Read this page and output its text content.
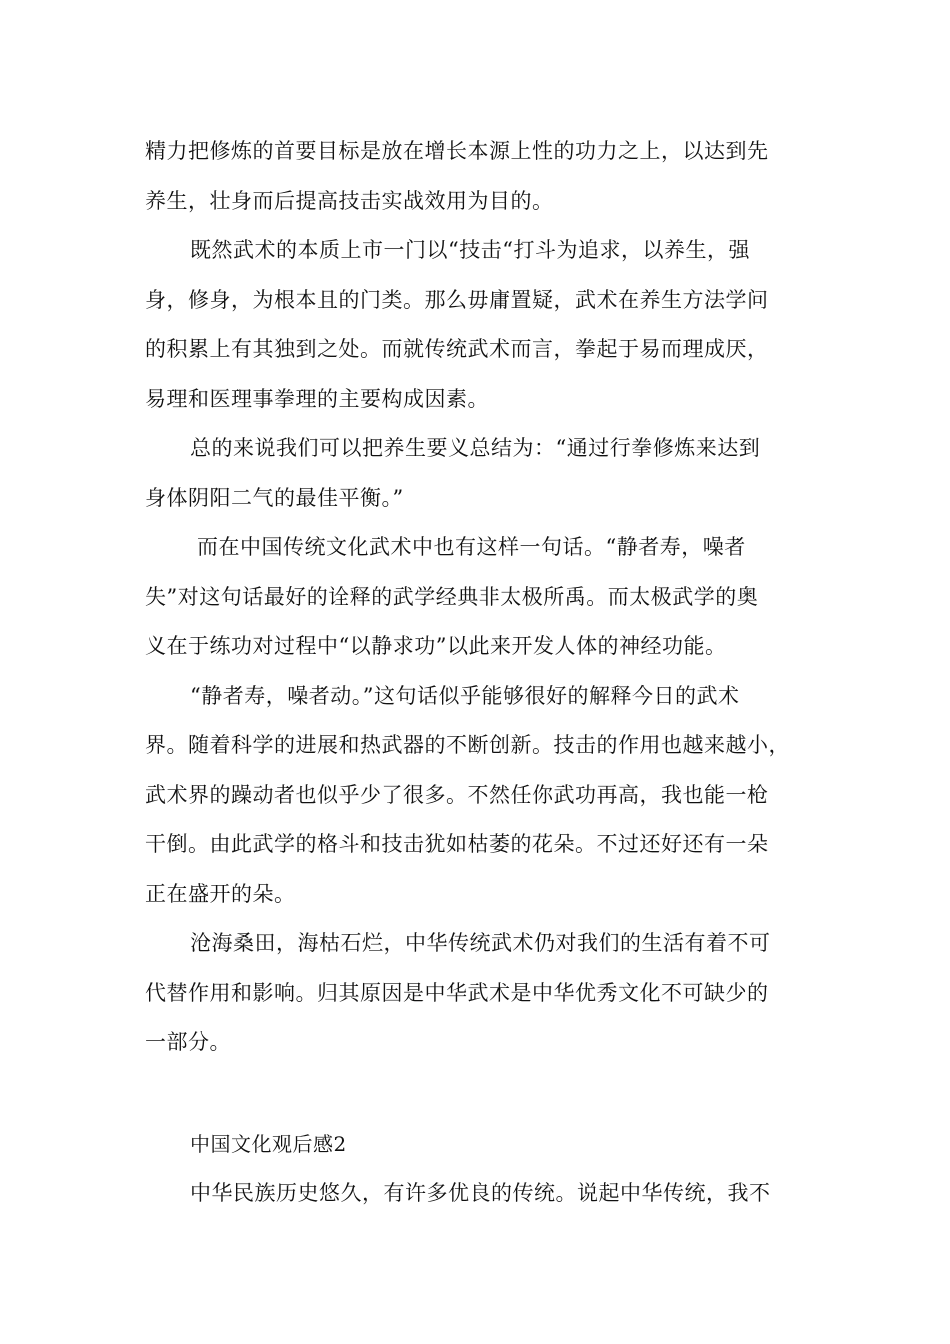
精力把修炼的首要目标是放在增长本源上性的功力之上，以达到先
养生，壮身而后提高技击实战效用为目的。
既然武术的本质上市一门以“技击“打斗为追求，以养生，强
身，修身，为根本且的门类。那么毋庸置疑，武术在养生方法学问
的积累上有其独到之处。而就传统武术而言，拳起于易而理成厌，
易理和医理事拳理的主要构成因素。
总的来说我们可以把养生要义总结为：“通过行拳修炼来达到
身体阴阳二气的最佳平衡。”
而在中国传统文化武术中也有这样一句话。“静者寿，噪者
失”对这句话最好的诠释的武学经典非太极所禹。而太极武学的奥
义在于练功对过程中“以静求功”以此来开发人体的神经功能。
“静者寿，噪者动。”这句话似乎能够很好的解释今日的武术
界。随着科学的进展和热武器的不断创新。技击的作用也越来越小，
武术界的躁动者也似乎少了很多。不然任你武功再高，我也能一枪
干倒。由此武学的格斗和技击犹如枯萎的花朵。不过还好还有一朵
正在盛开的朵。
沧海桑田，海枯石烂，中华传统武术仍对我们的生活有着不可
代替作用和影响。归其原因是中华武术是中华优秀文化不可缺少的
一部分。
中国文化观后感2
中华民族历史悠久，有许多优良的传统。说起中华传统，我不
